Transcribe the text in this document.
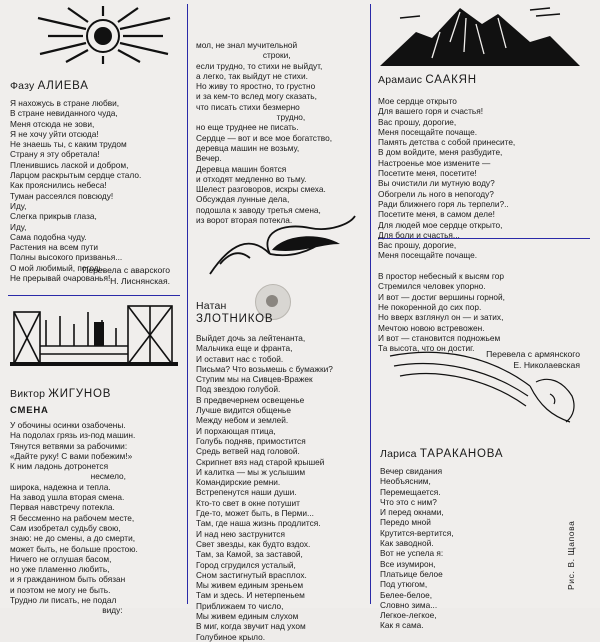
Фазу АЛИЕВА
Я нахожусь в стране любви,
В стране невиданного чуда,
Меня отсюда не зови,
Я не хочу уйти отсюда!
Не знаешь ты, с каким трудом
Страну я эту обретала!
Пленившись лаской и добром,
Ларцом раскрытым сердце стало.
Как прояснились небеса!
Туман рассеялся повсюду!
Иду,
Слегка прикрыв глаза,
Иду,
Сама подобна чуду.
Растения на всем пути
Полны высокого призванья...
О мой любимый, погодь,
Не прерывай очарованья!
Перевела с аварского
Н. Лиснянская.
Виктор ЖИГУНОВ
СМЕНА
У обочины осинки озабочены.
На подолах грязь из-под машин.
Тянутся ветвями за рабочими:
«Дайте руку! С вами побежим!»
К ним ладонь дотронется
несмело,
широка, надежна и тепла.
На завод ушла вторая смена.
Первая навстречу потекла.
Я бессменно на рабочем месте,
Сам изобретал судьбу свою,
знаю: не до смены, а до смерти,
может быть, не больше простою.
Ничего не оглушая басом,
но уже пламенно любить,
и я гражданином быть обязан
и поэтом не могу не быть.
Трудно ли писать, не подал
виду:
мол, не знал мучительной
строки,
если трудно, то стихи не выйдут,
а легко, так выйдут не стихи.
Но живу то яростно, то грустно
и за кем-то вслед могу сказать,
что писать стихи безмерно
трудно,
но еще труднее не писать.
Сердце — вот и все мое богатство,
деревца машин не возьму,
Вечер.
Деревца машин боятся
и отходят медленно во тьму.
Шелест разговоров, искры смеха.
Обсуждая лунные дела,
подошла к заводу третья смена,
из ворот вторая потекла.
Натан
ЗЛОТНИКОВ
Выйдет дочь за лейтенанта,
Мальчика еще и франта,
И оставит нас с тобой.
Письма? Что возьмешь с бумажки?
Ступим мы на Сивцев-Вражек
Под звездою голубой.
В предвечернем освещенье
Лучше видится общенье
Между небом и землей.
И порхающая птица,
Голубь подняв, примостится
Средь ветвей над головой.
Скрипнет вяз над старой крышей
И калитка — мы ж услышим
Командирские ремни.
Встрепенутся наши души.
Кто-то свет в окне потушит
Где-то, может быть, в Перми...
Там, где наша жизнь продлится.
И над нею заструнится
Свет звезды, как будто вздох.
Там, за Камой, за заставой,
Город сгрудился усталый,
Сном застигнутый врасплох.
Мы живем единым зреньем
Там и здесь. И нетерпеньем
Приближаем то число,
Мы живем единым слухом
В миг, когда звучит над ухом
Голубиное крыло.
Арамаис СААКЯН
Мое сердце открыто
Для вашего горя и счастья!
Вас прошу, дорогие,
Меня посещайте почаще.
Память детства с собой принесите,
В дом войдите, меня разбудите,
Настроенье мое измените —
Посетите меня, посетите!
Вы очистили ли мутную воду?
Обогрели ль ного в непогоду?
Ради ближнего горя ль терпели?..
Посетите меня, в самом деле!
Для людей мое сердце открыто,
Для боли и счастья...
Вас прошу, дорогие,
Меня посещайте почаще.

В простор небесный к высям гор
Стремился человек упорно.
И вот — достиг вершины горной,
Не покоренной до сих пор.
Но вверх взглянул он — и затих,
Мечтою новою встревожен.
И вот — становится подножьем
Та высота, что он достиг.
Перевела с армянского
Е. Николаевская
Лариса ТАРАКАНОВА
Вечер свидания
Необъясним,
Перемещается.
Что это с ним?
И перед окнами,
Передо мной
Крутится-вертится,
Как заводной.
Вот не успела я:
Все изумирон,
Платьице белое
Под утюгом,
Белее-белое,
Словно зима...
Легкое-легкое,
Как я сама.
Рис. В. Щапова
